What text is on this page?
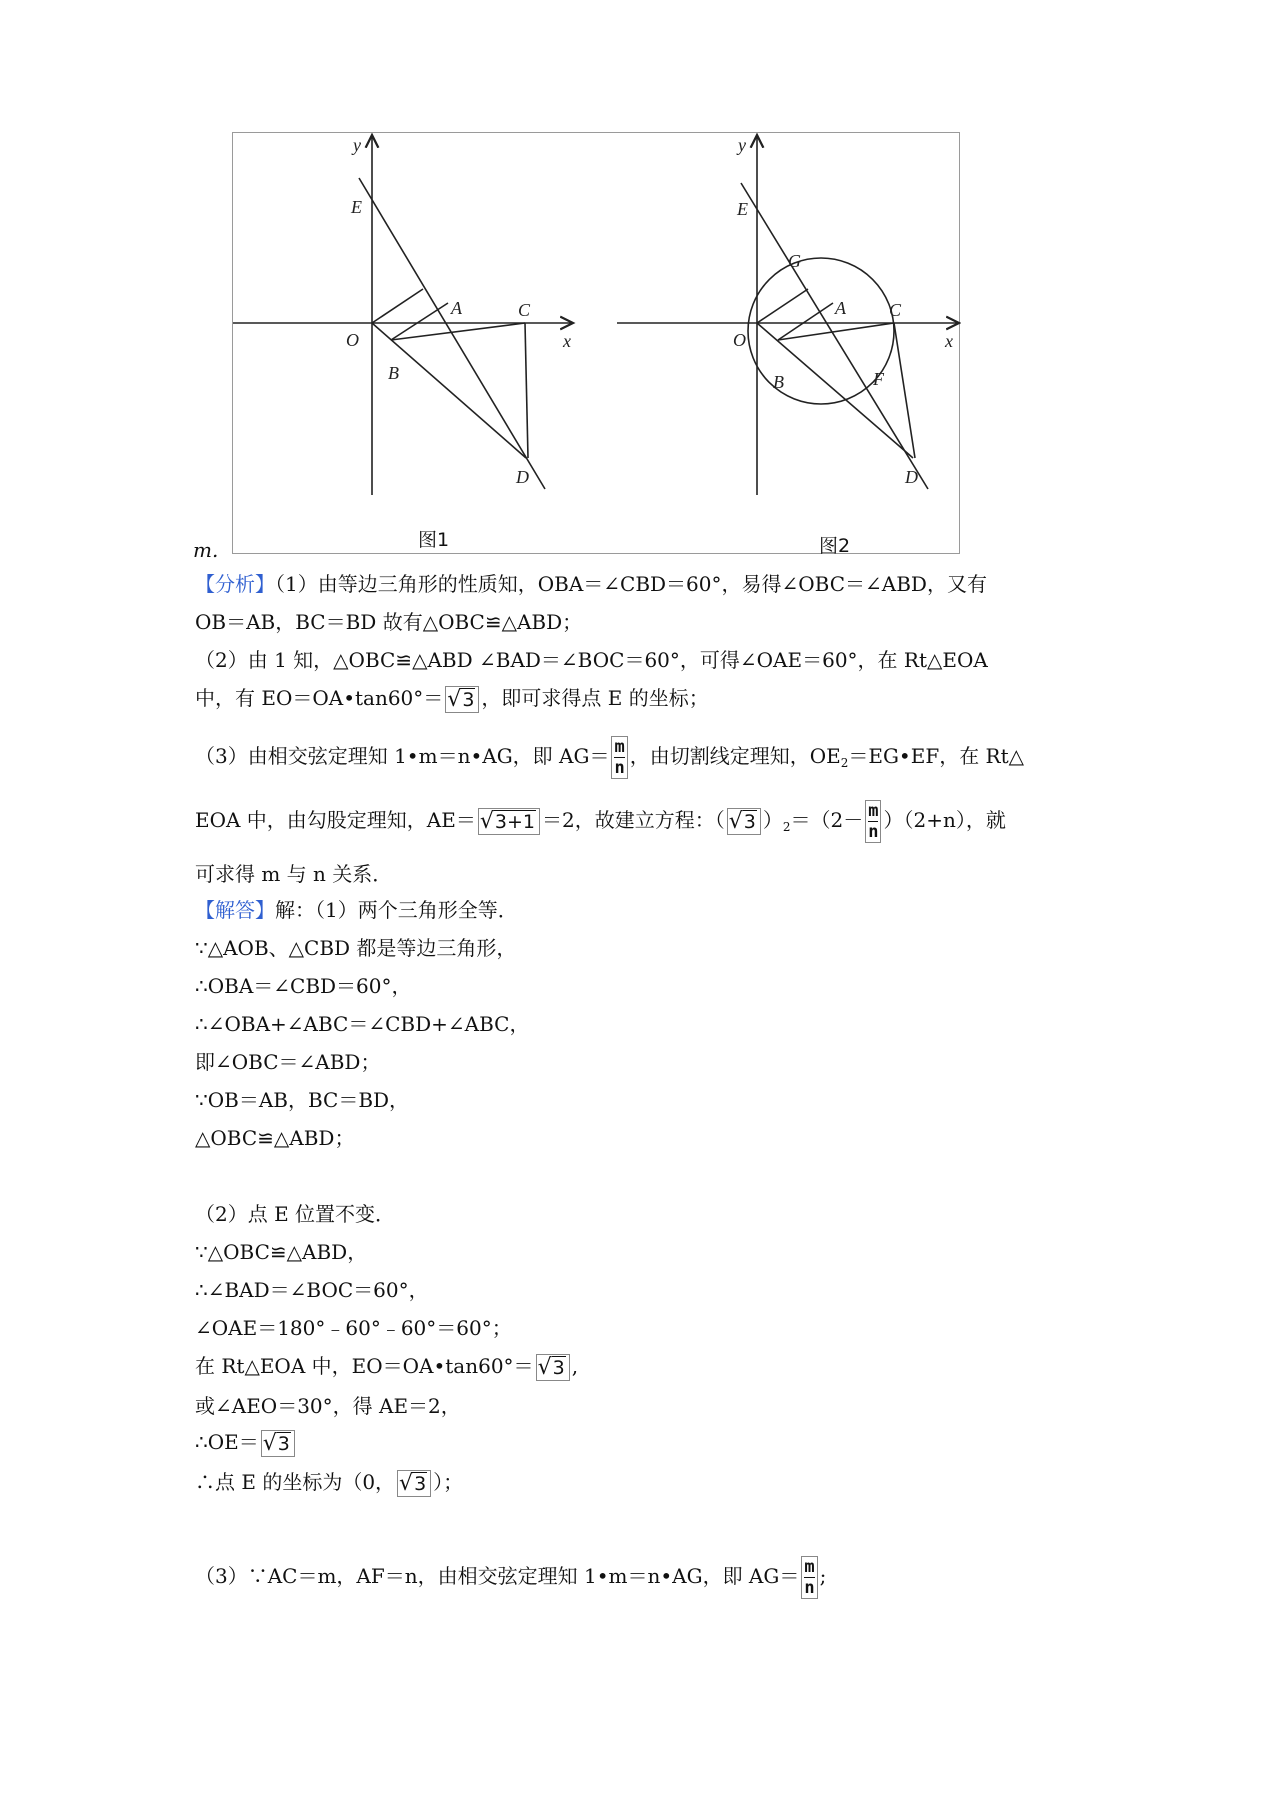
y
x
E
O
A	C
B
D
y
x
E
G
O
A C
B	F
D
图1	图2
m.
【分析】（1）由等边三角形的性质知，OBA＝∠CBD＝60°，易得∠OBC＝∠ABD，又有
OB＝AB，BC＝BD 故有△OBC≌△ABD；
（2）由 1 知，△OBC≌△ABD ∠BAD＝∠BOC＝60°，可得∠OAE＝60°，在 Rt△EOA
中，有 EO＝OA•tan60°＝ √3 ，即可求得点 E 的坐标；
（3）由相交弦定理知 1•m＝n•AG，即 $AG= \frac{m}{n}$ ，由切割线定理知，$OE_2=EG•EF$，在 Rt△
EOA 中，由勾股定理知，AE＝ √3+1 ＝2，故建立方程：（ √3 ）$_2=(2- \frac{m}{n} )(2+n)$，就
可求得 m 与 n 关系．
【解答】解：（1）两个三角形全等．
∵△AOB、△CBD 都是等边三角形，
∴OBA＝∠CBD＝60°，
∴∠OBA+∠ABC＝∠CBD+∠ABC，
即∠OBC＝∠ABD；
∵OB＝AB，BC＝BD，
△OBC≌△ABD；
（2）点 E 位置不变．
∵△OBC≌△ABD，
∴∠BAD＝∠BOC＝60°，
∠OAE＝180°﹣60°﹣60°＝60°；
在 Rt△EOA 中，EO＝OA•tan60°＝ √3 ,
或∠AEO＝30°，得 AE＝2，
∴OE＝ √3
∴点 E 的坐标为（0， √3 ）；
（3）∵AC＝m，AF＝n，由相交弦定理知 1•m＝n•AG，即 $AG= \frac{m}{n}$ ;
